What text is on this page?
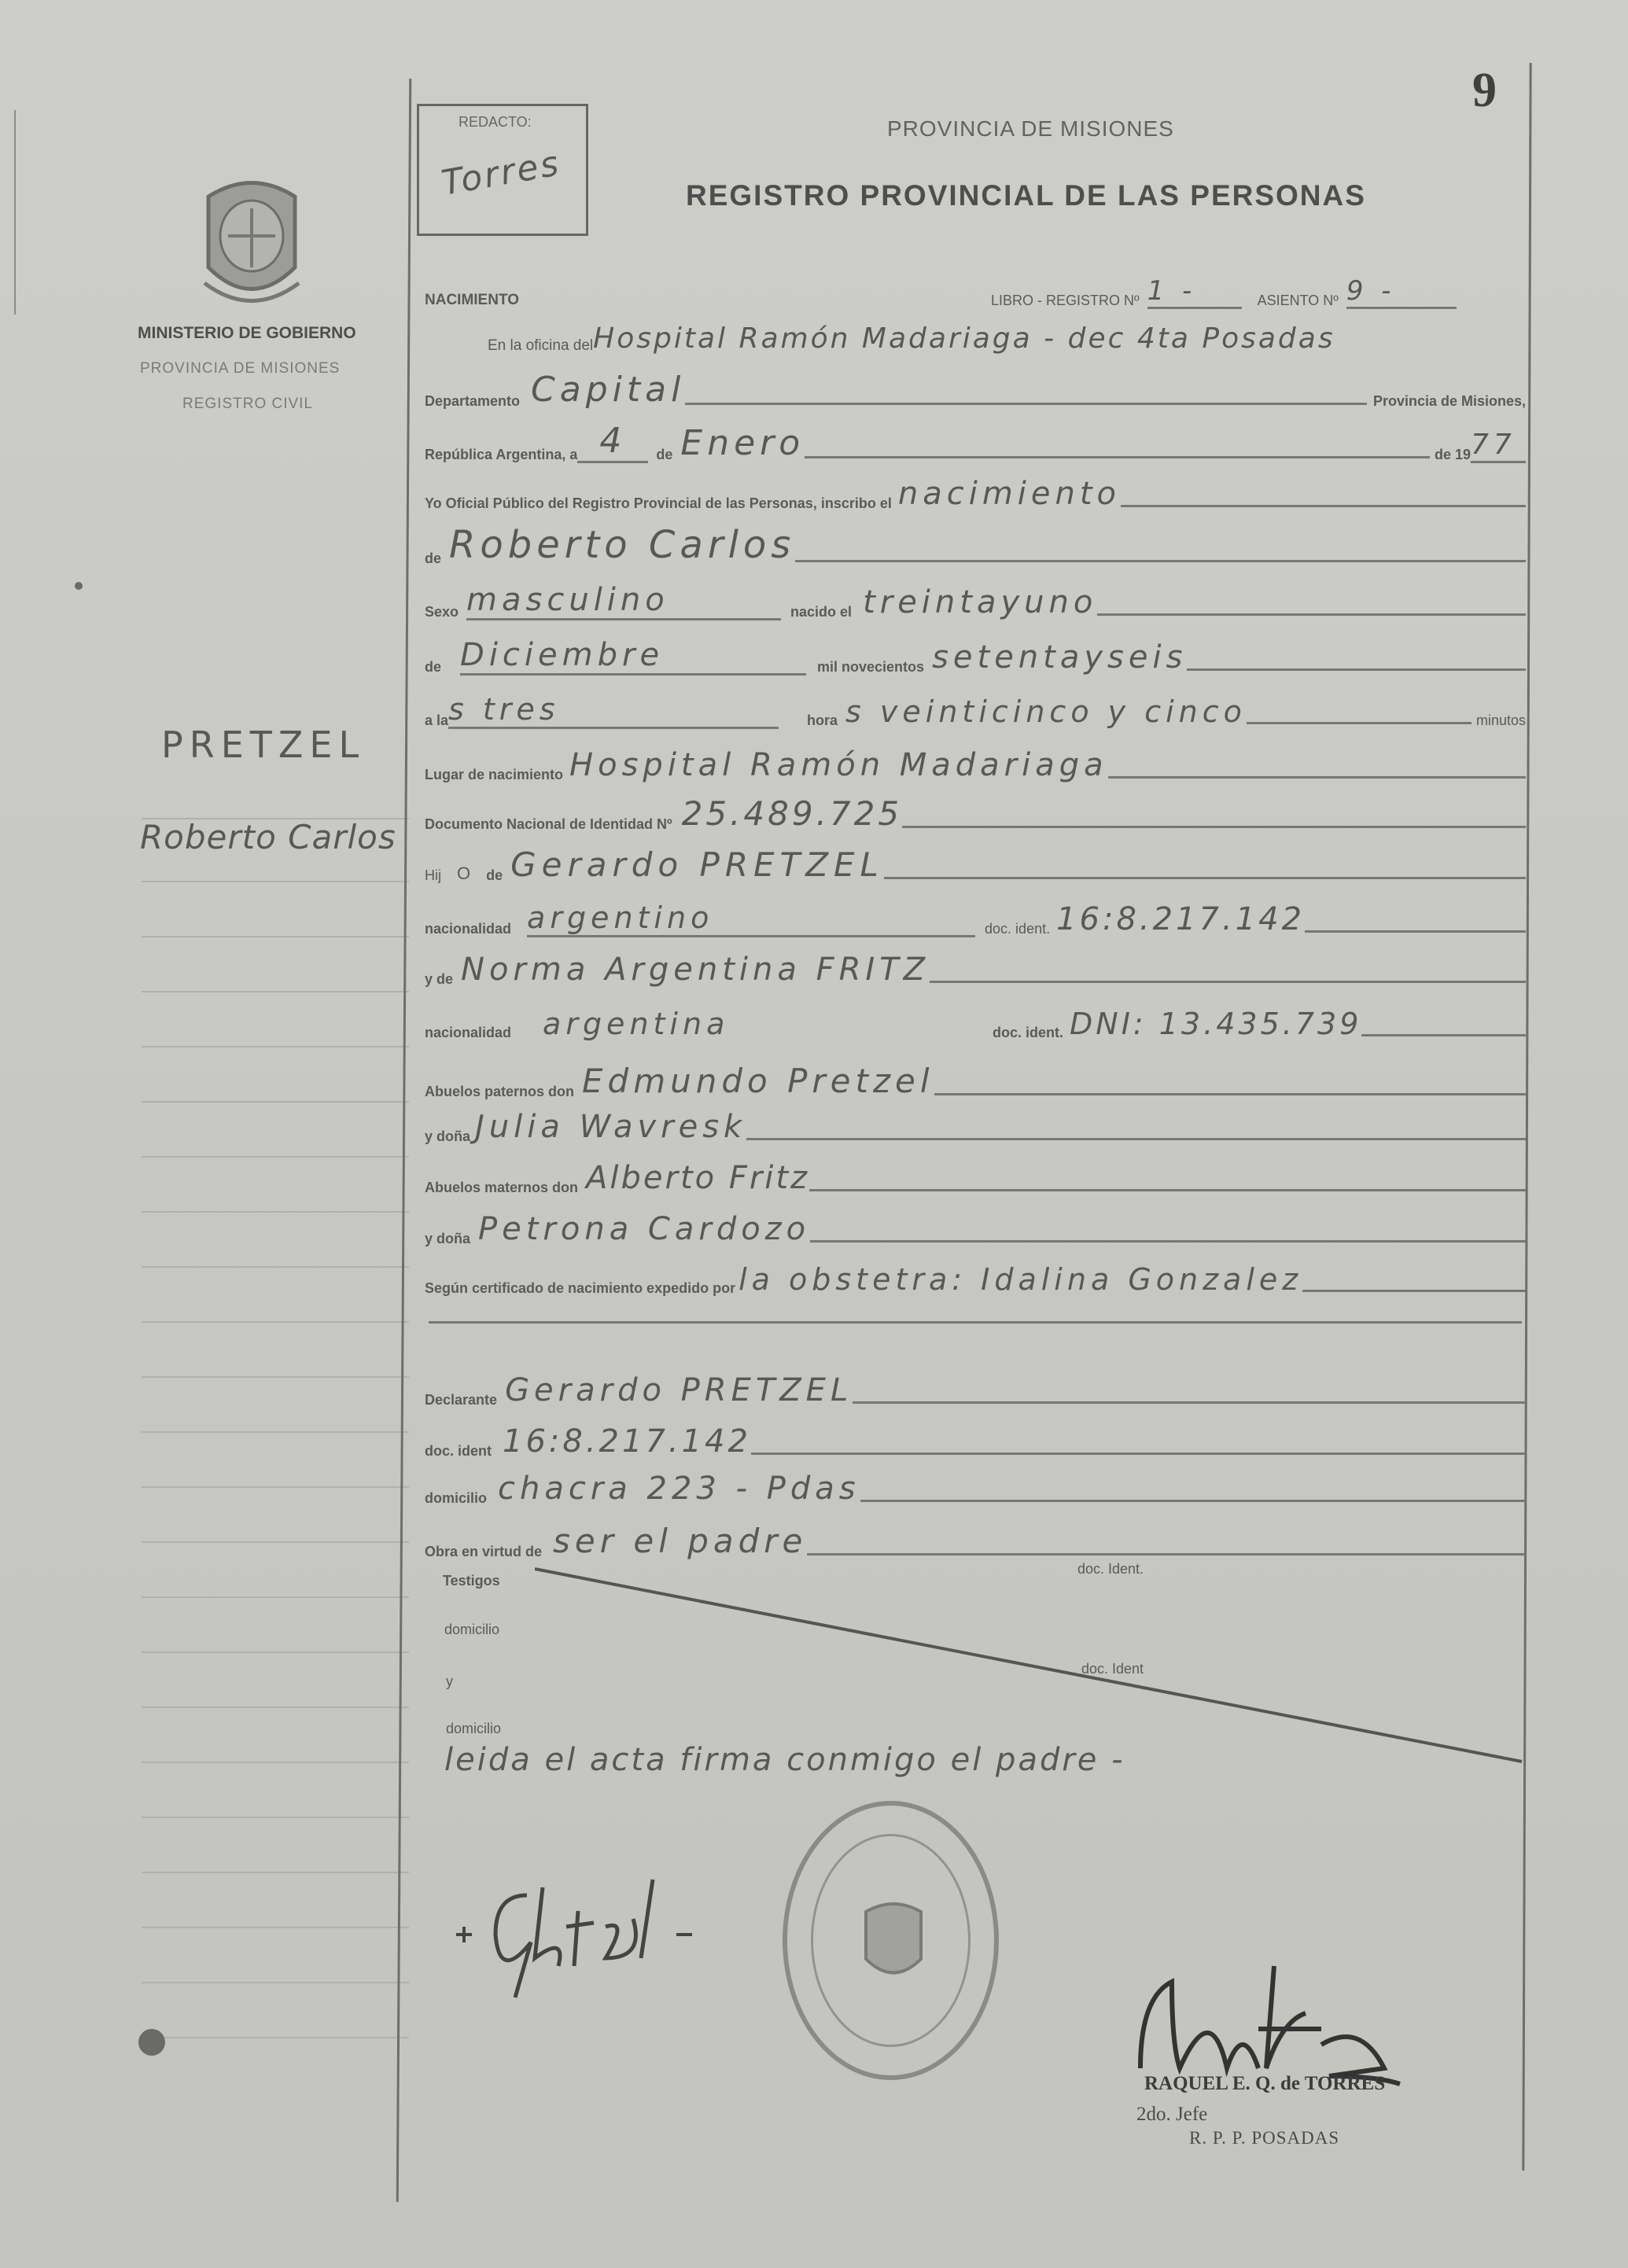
9
REDACTO:
Torres
MINISTERIO DE GOBIERNO
PROVINCIA DE MISIONES
REGISTRO CIVIL
PROVINCIA DE MISIONES
REGISTRO PROVINCIAL DE LAS PERSONAS
PRETZEL
Roberto Carlos
NACIMIENTO	LIBRO - REGISTRO Nº 1 -	ASIENTO Nº 9 -
En la oficina del Hospital Ramón Madariaga - dec 4ta Posadas
Departamento Capital	Provincia de Misiones,
República Argentina, a 4	de Enero	de 19 77
Yo Oficial Público del Registro Provincial de las Personas, inscribo el nacimiento
de Roberto Carlos
Sexo masculino	nacido el treintayuno
de Diciembre	mil novecientos setentayseis
a la s tres	hora s veinticinco y cinco	minutos
Lugar de nacimiento Hospital Ramón Madariaga
Documento Nacional de Identidad Nº 25.489.725
Hij O de Gerardo PRETZEL
nacionalidad argentino	doc. ident. 16:8.217.142
y de Norma Argentina FRITZ
nacionalidad argentina	doc. ident. DNI: 13.435.739
Abuelos paternos don Edmundo Pretzel
y doña Julia Wavresk
Abuelos maternos don Alberto Fritz
y doña Petrona Cardozo
Según certificado de nacimiento expedido por la obstetra: Idalina Gonzalez
Declarante Gerardo PRETZEL
doc. ident 16:8.217.142
domicilio chacra 223 - Pdas
Obra en virtud de ser el padre
Testigos
doc. Ident.
domicilio
y
doc. Ident
domicilio
leida el acta firma conmigo el padre -
RAQUEL E. Q. de TORRES
2do. Jefe
R. P. P. POSADAS
